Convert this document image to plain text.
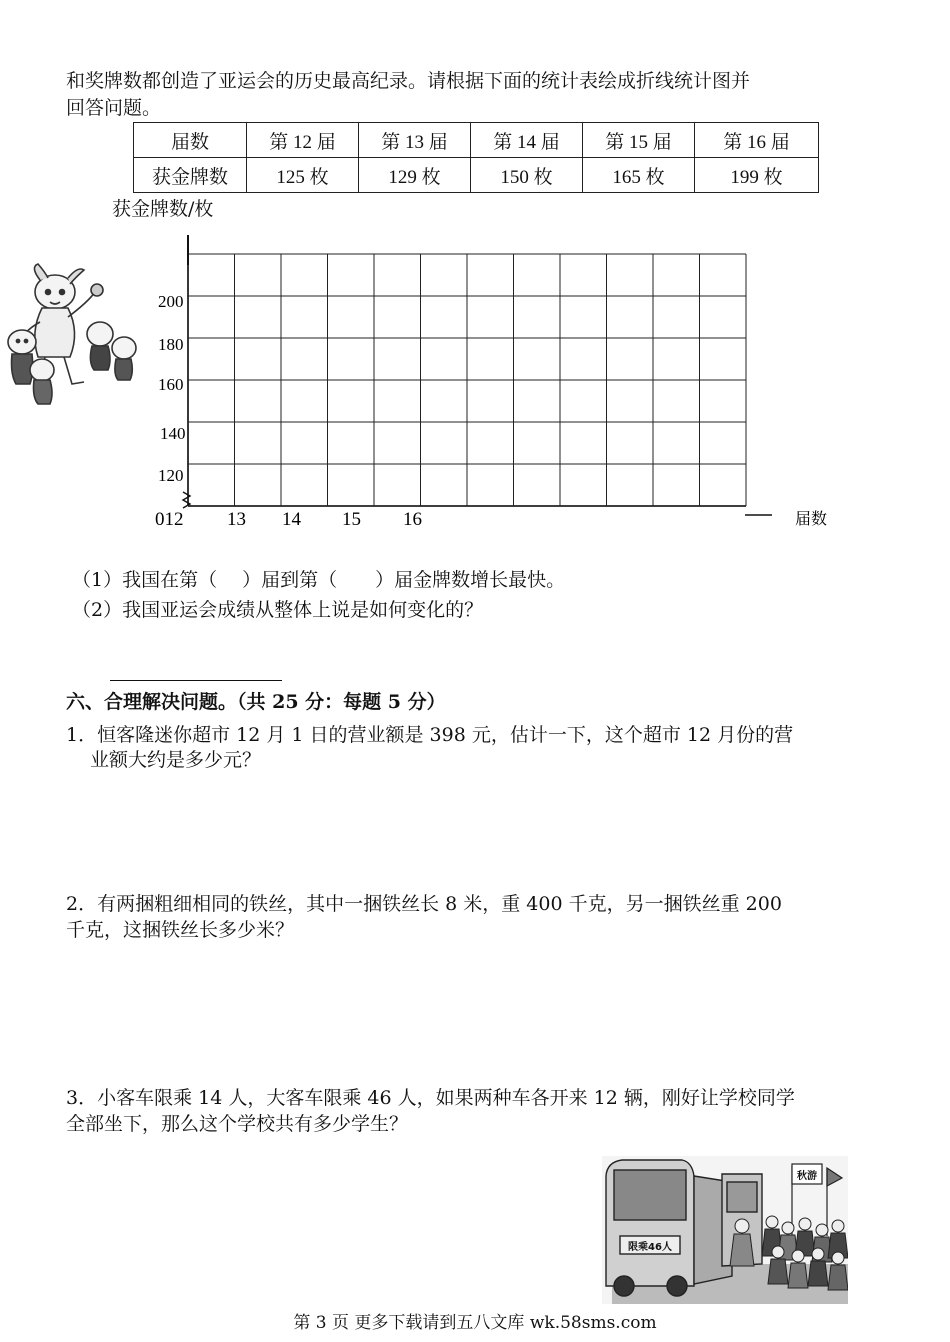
和奖牌数都创造了亚运会的历史最高纪录。请根据下面的统计表绘成折线统计图并
回答问题。
届数	第 12 届	第 13 届	第 14 届	第 15 届	第 16 届
获金牌数	125 枚	129 枚	150 枚	165 枚	199 枚
获金牌数/枚
200
180
160
140
120
012 13 14 15 16	届数
（1）我国在第（　 ）届到第（　　）届金牌数增长最快。
（2）我国亚运会成绩从整体上说是如何变化的？
六、合理解决问题。（共 25 分：每题 5 分）
1．恒客隆迷你超市 12 月 1 日的营业额是 398 元，估计一下，这个超市 12 月份的营
业额大约是多少元？
2．有两捆粗细相同的铁丝，其中一捆铁丝长 8 米，重 400 千克，另一捆铁丝重 200
千克，这捆铁丝长多少米？
3．小客车限乘 14 人，大客车限乘 46 人，如果两种车各开来 12 辆，刚好让学校同学
全部坐下，那么这个学校共有多少学生？
限乘46人
秋游
第 3 页 更多下载请到五八文库 wk.58sms.com
